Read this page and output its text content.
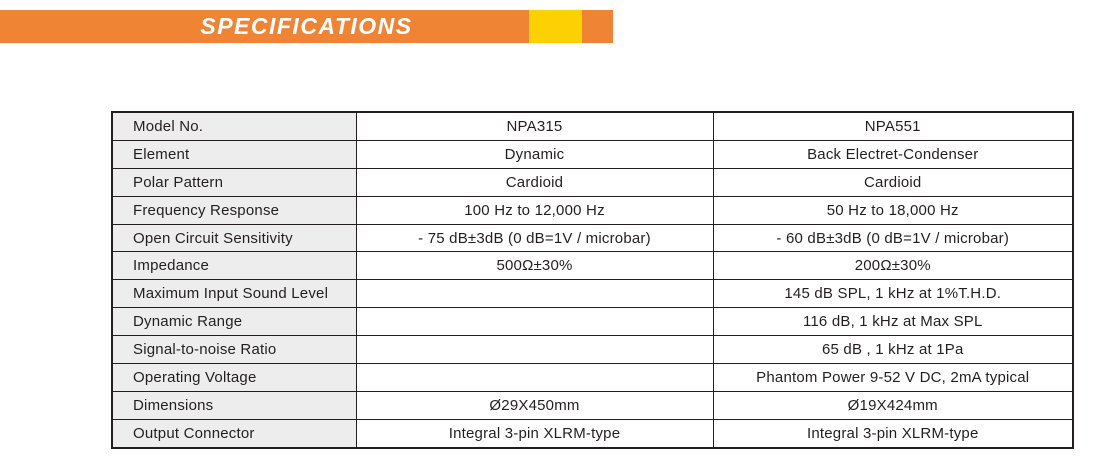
SPECIFICATIONS
Model No.	NPA315	NPA551
Element	Dynamic	Back Electret-Condenser
Polar Pattern	Cardioid	Cardioid
Frequency Response	100 Hz to 12,000 Hz	50 Hz to 18,000 Hz
Open Circuit Sensitivity	- 75 dB±3dB (0 dB=1V / microbar)	- 60 dB±3dB (0 dB=1V / microbar)
Impedance	500Ω±30%	200Ω±30%
Maximum Input Sound Level		145 dB SPL, 1 kHz at 1%T.H.D.
Dynamic Range		116 dB, 1 kHz at Max SPL
Signal-to-noise Ratio		65 dB , 1 kHz at 1Pa
Operating Voltage		Phantom Power 9-52 V DC, 2mA typical
Dimensions	Ø29X450mm	Ø19X424mm
Output Connector	Integral 3-pin XLRM-type	Integral 3-pin XLRM-type
